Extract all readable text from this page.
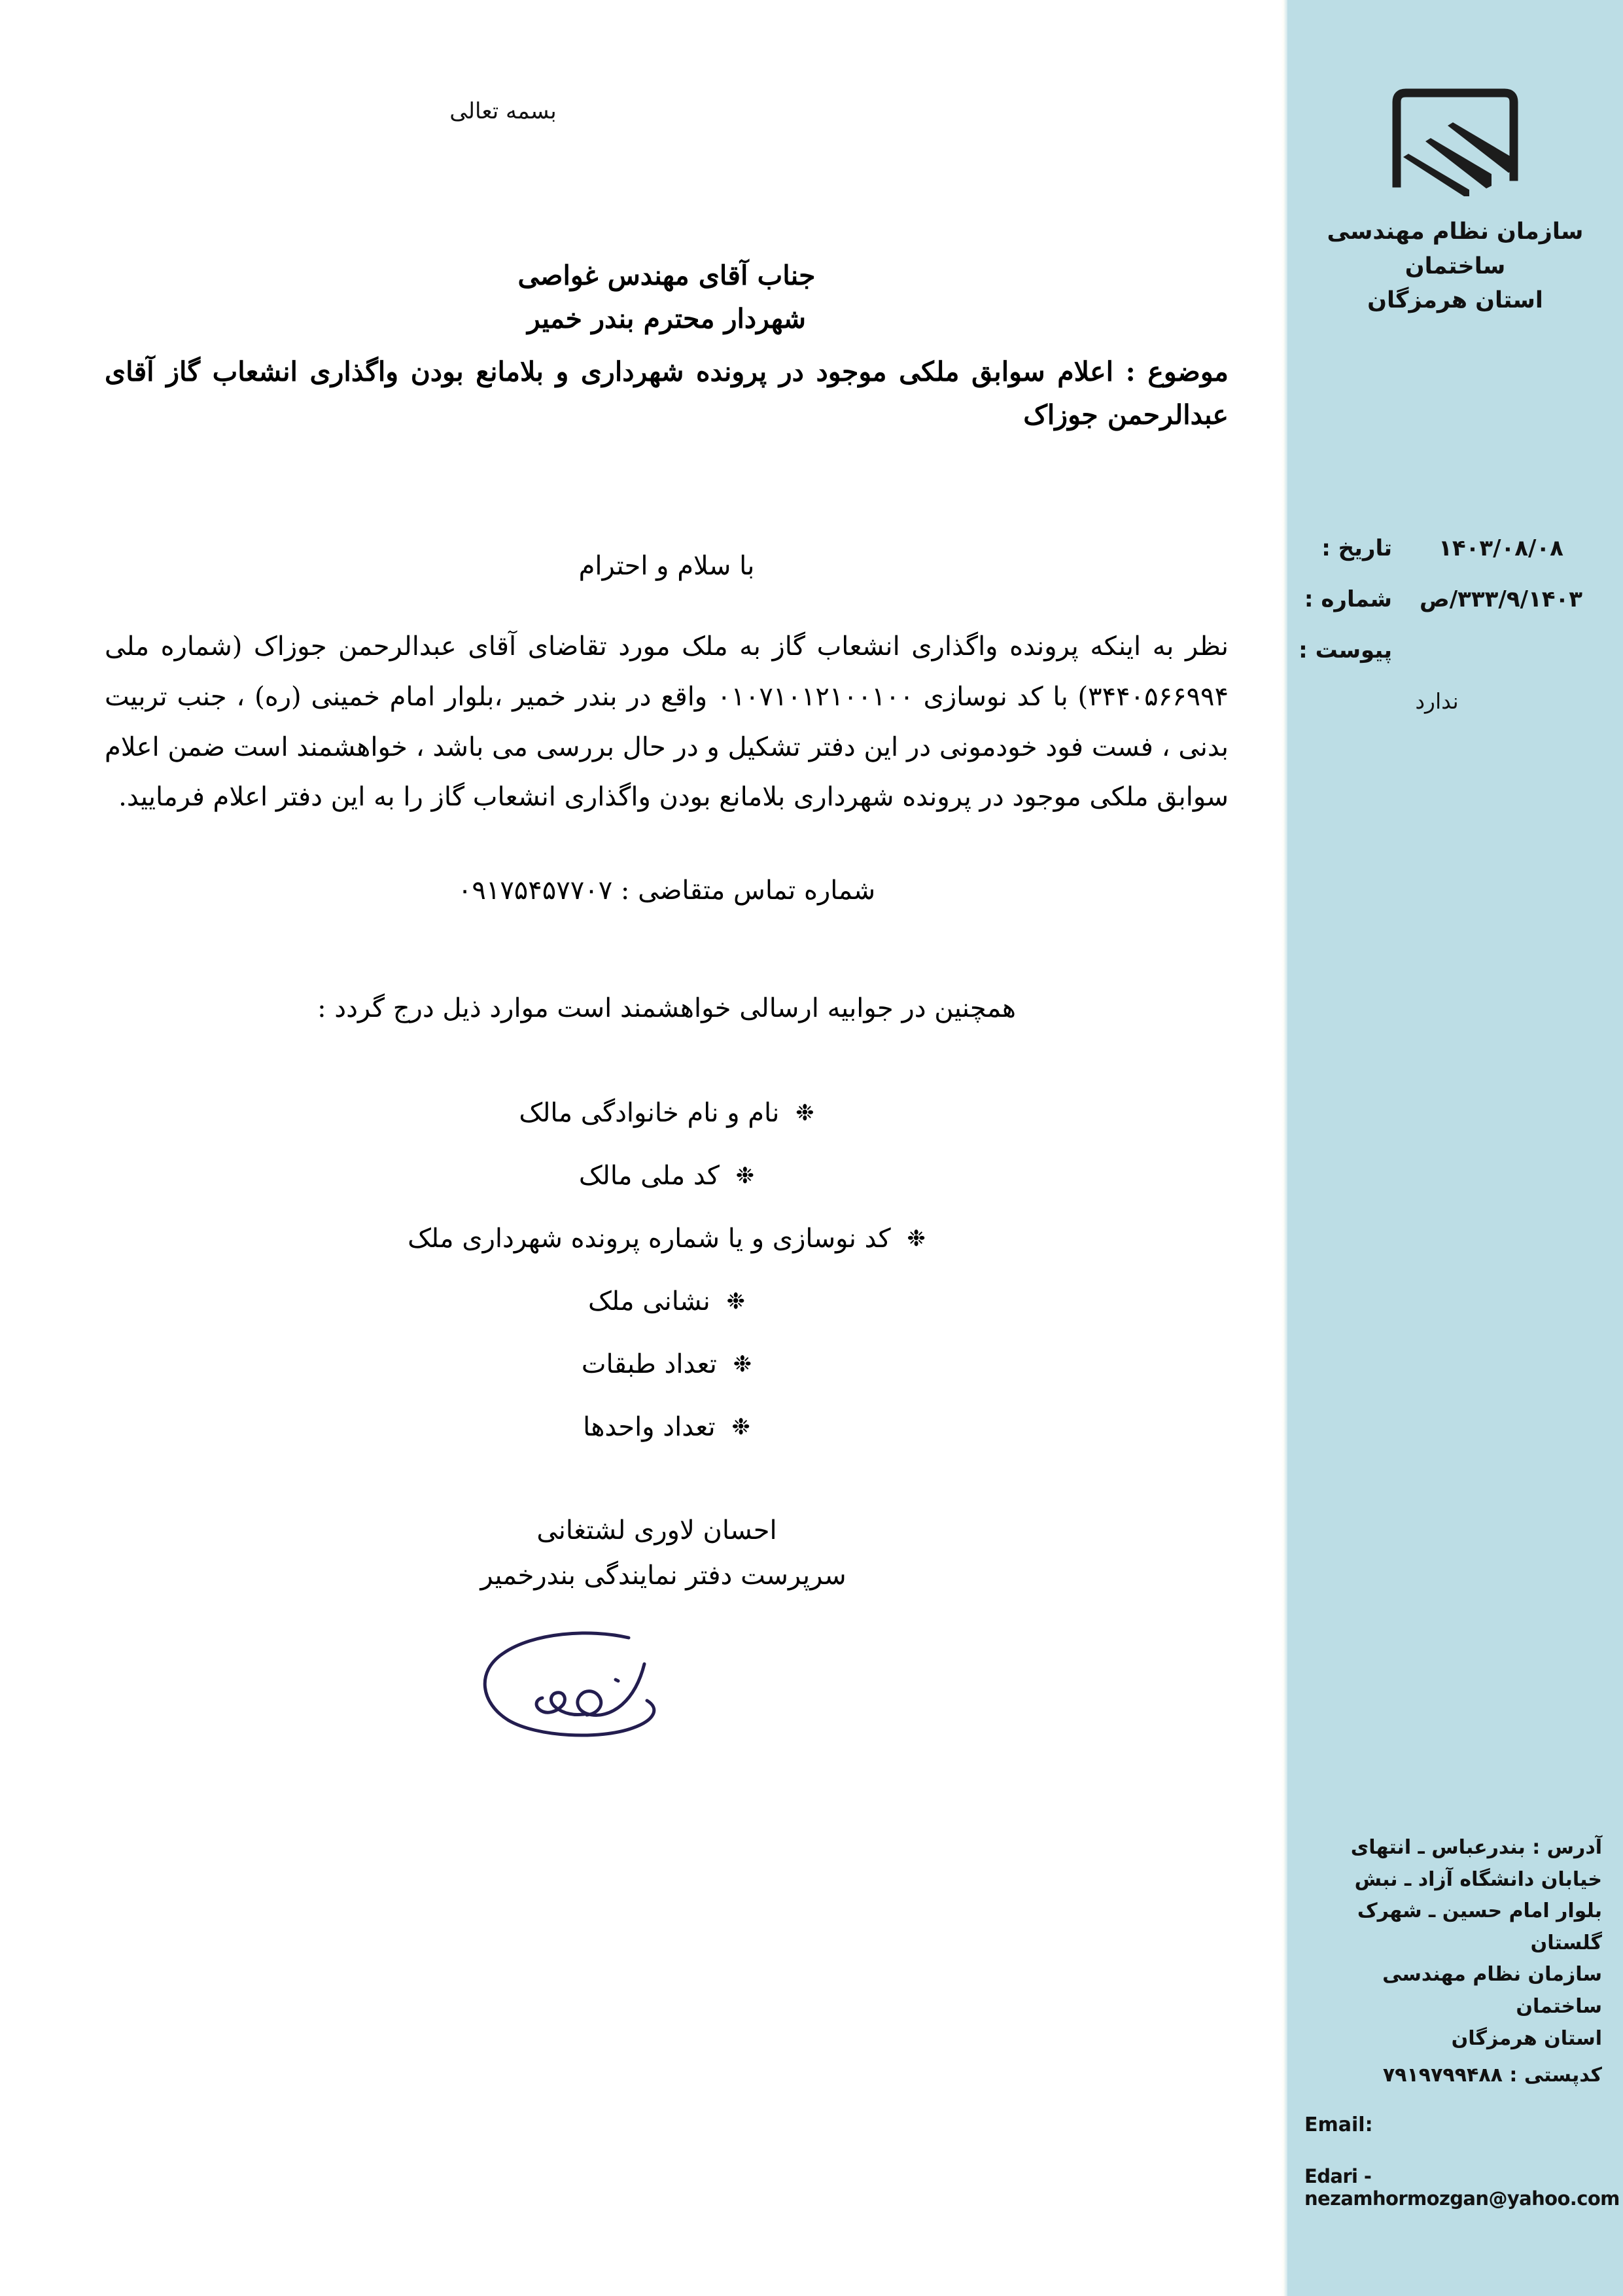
سازمان نظام مهندسی ساختمان
استان هرمزگان
۱۴۰۳/۰۸/۰۸
تاریخ :
۳۳۳/۹/۱۴۰۳/ص
شماره :
پیوست :
ندارد
آدرس : بندرعباس ـ انتهای
خیابان دانشگاه آزاد ـ نبش
بلوار امام حسین ـ شهرک
گلستان
سازمان نظام مهندسی ساختمان
استان هرمزگان
کدپستی : ۷۹۱۹۷۹۹۴۸۸
Email:
Edari - nezamhormozgan@yahoo.com
بسمه تعالی
جناب آقای مهندس غواصی
شهردار محترم بندر خمیر
موضوع : اعلام سوابق ملکی موجود در پرونده شهرداری و بلامانع بودن واگذاری انشعاب گاز آقای عبدالرحمن جوزاک
با سلام و احترام
نظر به اینکه پرونده واگذاری انشعاب گاز به ملک مورد تقاضای آقای عبدالرحمن جوزاک (شماره ملی ۳۴۴۰۵۶۶۹۹۴) با کد نوسازی ۰۱۰۷۱۰۱۲۱۰۰۱۰۰ واقع در بندر خمیر ،بلوار امام خمینی (ره) ، جنب تربیت بدنی ، فست فود خودمونی در این دفتر تشکیل و در حال بررسی می باشد ، خواهشمند است ضمن اعلام سوابق ملکی موجود در پرونده شهرداری بلامانع بودن واگذاری انشعاب گاز را به این دفتر اعلام فرمایید.
شماره تماس متقاضی : ۰۹۱۷۵۴۵۷۷۰۷
همچنین در جوابیه ارسالی خواهشمند است موارد ذیل درج گردد :
❉ نام و نام خانوادگی مالک
❉ کد ملی مالک
❉ کد نوسازی و یا شماره پرونده شهرداری ملک
❉ نشانی ملک
❉ تعداد طبقات
❉ تعداد واحدها
احسان لاوری لشتغانی
سرپرست دفتر نمایندگی بندرخمیر
